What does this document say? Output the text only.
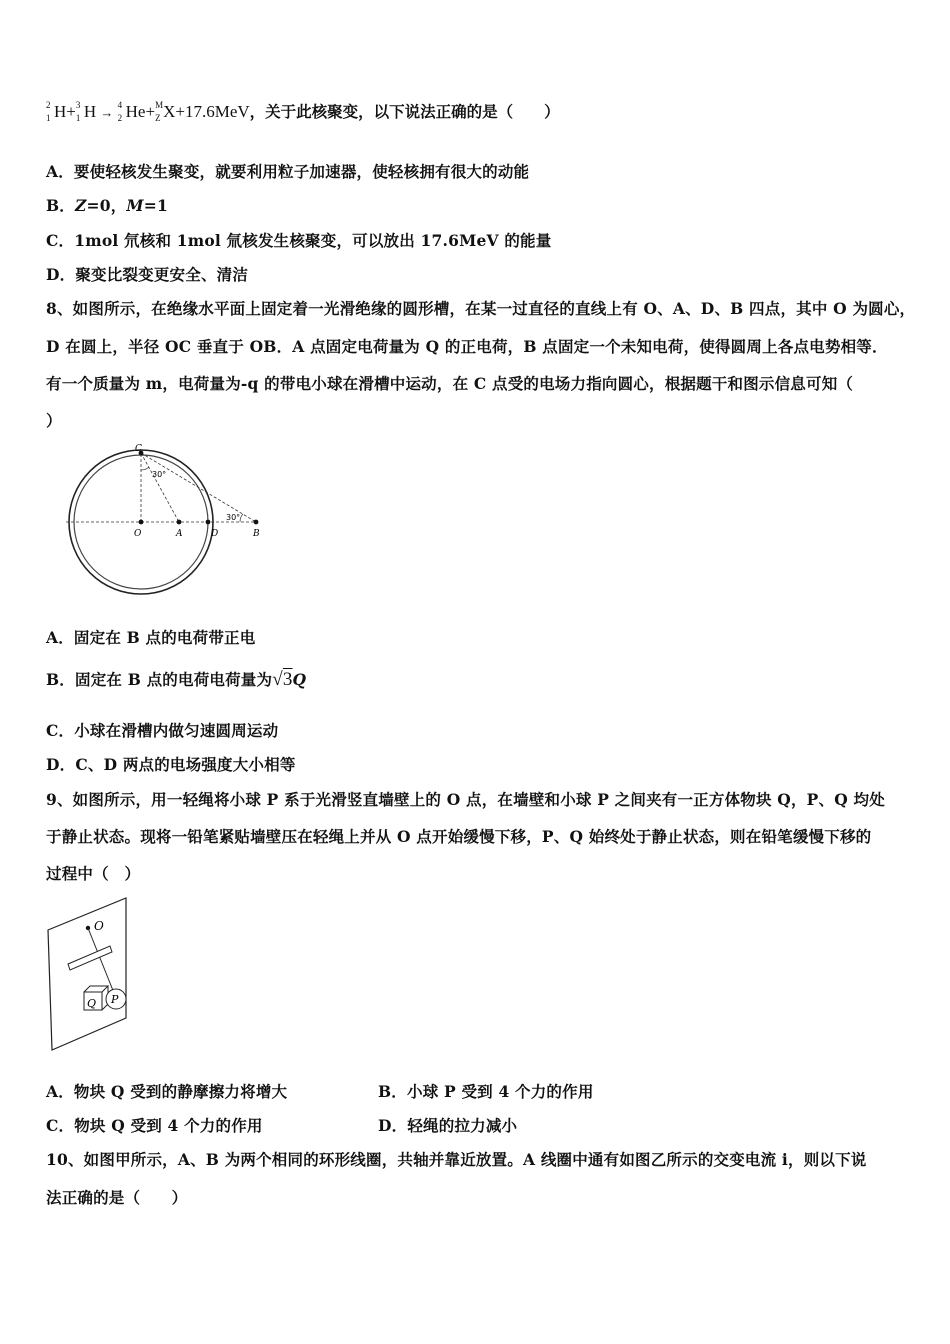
2
1 H+ 3
1 H → 4
2 He+ M
Z X+17.6MeV，关于此核聚变，以下说法正确的是（　　）
A．要使轻核发生聚变，就要利用粒子加速器，使轻核拥有很大的动能
B．Z=0，M=1
C．1mol 氘核和 1mol 氚核发生核聚变，可以放出 17.6MeV 的能量
D．聚变比裂变更安全、清洁
8、如图所示，在绝缘水平面上固定着一光滑绝缘的圆形槽，在某一过直径的直线上有 O、A、D、B 四点，其中 O 为圆心，
D 在圆上，半径 OC 垂直于 OB．A 点固定电荷量为 Q 的正电荷，B 点固定一个未知电荷，使得圆周上各点电势相等．
有一个质量为 m，电荷量为-q 的带电小球在滑槽中运动，在 C 点受的电场力指向圆心，根据题干和图示信息可知（
）
C
30°
O	A	D	B
30°
A．固定在 B 点的电荷带正电
B．固定在 B 点的电荷电荷量为√3Q
C．小球在滑槽内做匀速圆周运动
D．C、D 两点的电场强度大小相等
9、如图所示，用一轻绳将小球 P 系于光滑竖直墙壁上的 O 点，在墙壁和小球 P 之间夹有一正方体物块 Q，P、Q 均处
于静止状态。现将一铅笔紧贴墙壁压在轻绳上并从 O 点开始缓慢下移，P、Q 始终处于静止状态，则在铅笔缓慢下移的
过程中（　）
O
Q P
A．物块 Q 受到的静摩擦力将增大	B．小球 P 受到 4 个力的作用
C．物块 Q 受到 4 个力的作用	D．轻绳的拉力减小
10、如图甲所示，A、B 为两个相同的环形线圈，共轴并靠近放置。A 线圈中通有如图乙所示的交变电流 i，则以下说
法正确的是（　　）
